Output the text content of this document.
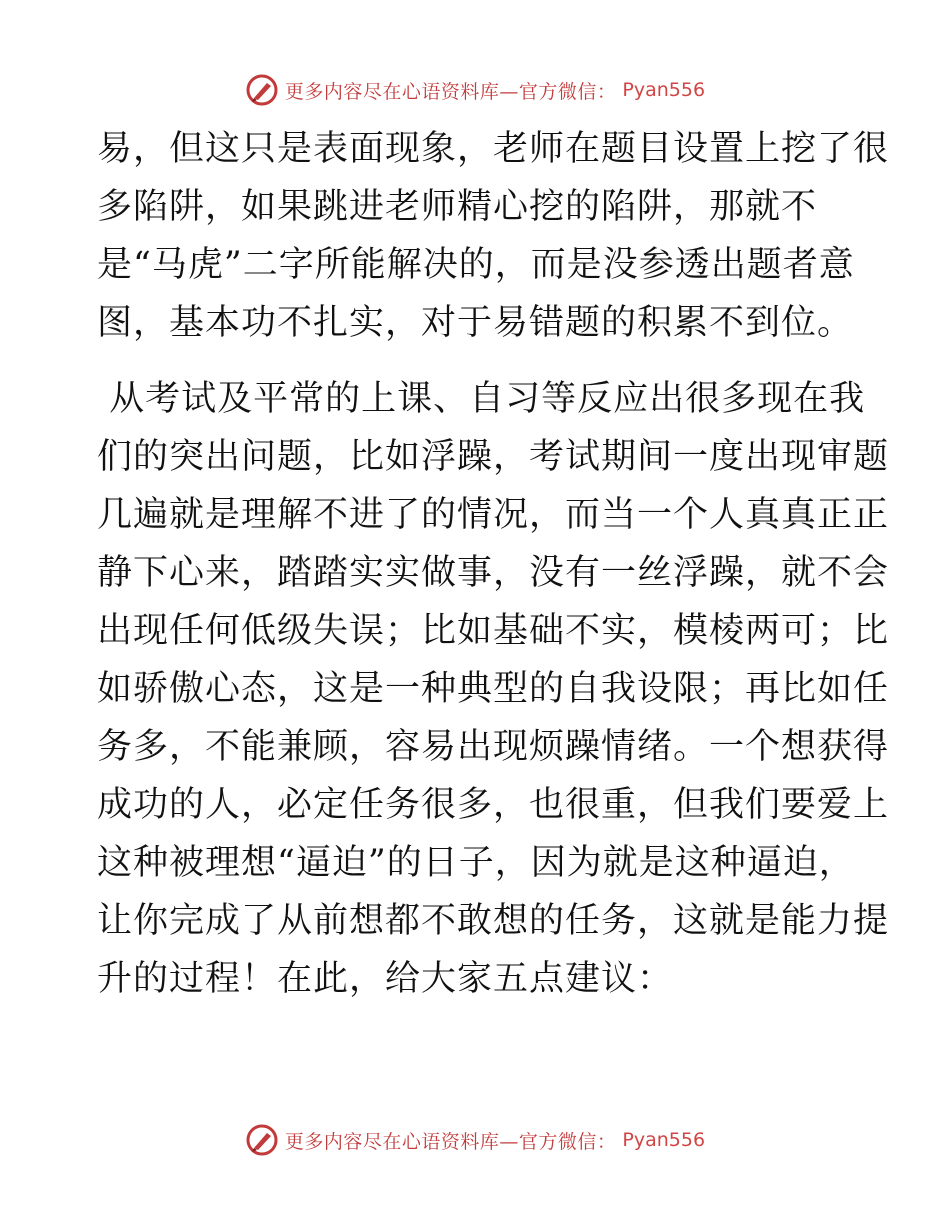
更多内容尽在心语资料库—官方微信： Pyan556
易，但这只是表面现象，老师在题目设置上挖了很
多陷阱，如果跳进老师精心挖的陷阱，那就不
是“马虎”二字所能解决的，而是没参透出题者意
图，基本功不扎实，对于易错题的积累不到位。
从考试及平常的上课、自习等反应出很多现在我
们的突出问题，比如浮躁，考试期间一度出现审题
几遍就是理解不进了的情况，而当一个人真真正正
静下心来，踏踏实实做事，没有一丝浮躁，就不会
出现任何低级失误；比如基础不实，模棱两可；比
如骄傲心态，这是一种典型的自我设限；再比如任
务多，不能兼顾，容易出现烦躁情绪。一个想获得
成功的人，必定任务很多，也很重，但我们要爱上
这种被理想“逼迫”的日子，因为就是这种逼迫，
让你完成了从前想都不敢想的任务，这就是能力提
升的过程！在此，给大家五点建议：
更多内容尽在心语资料库—官方微信： Pyan556
